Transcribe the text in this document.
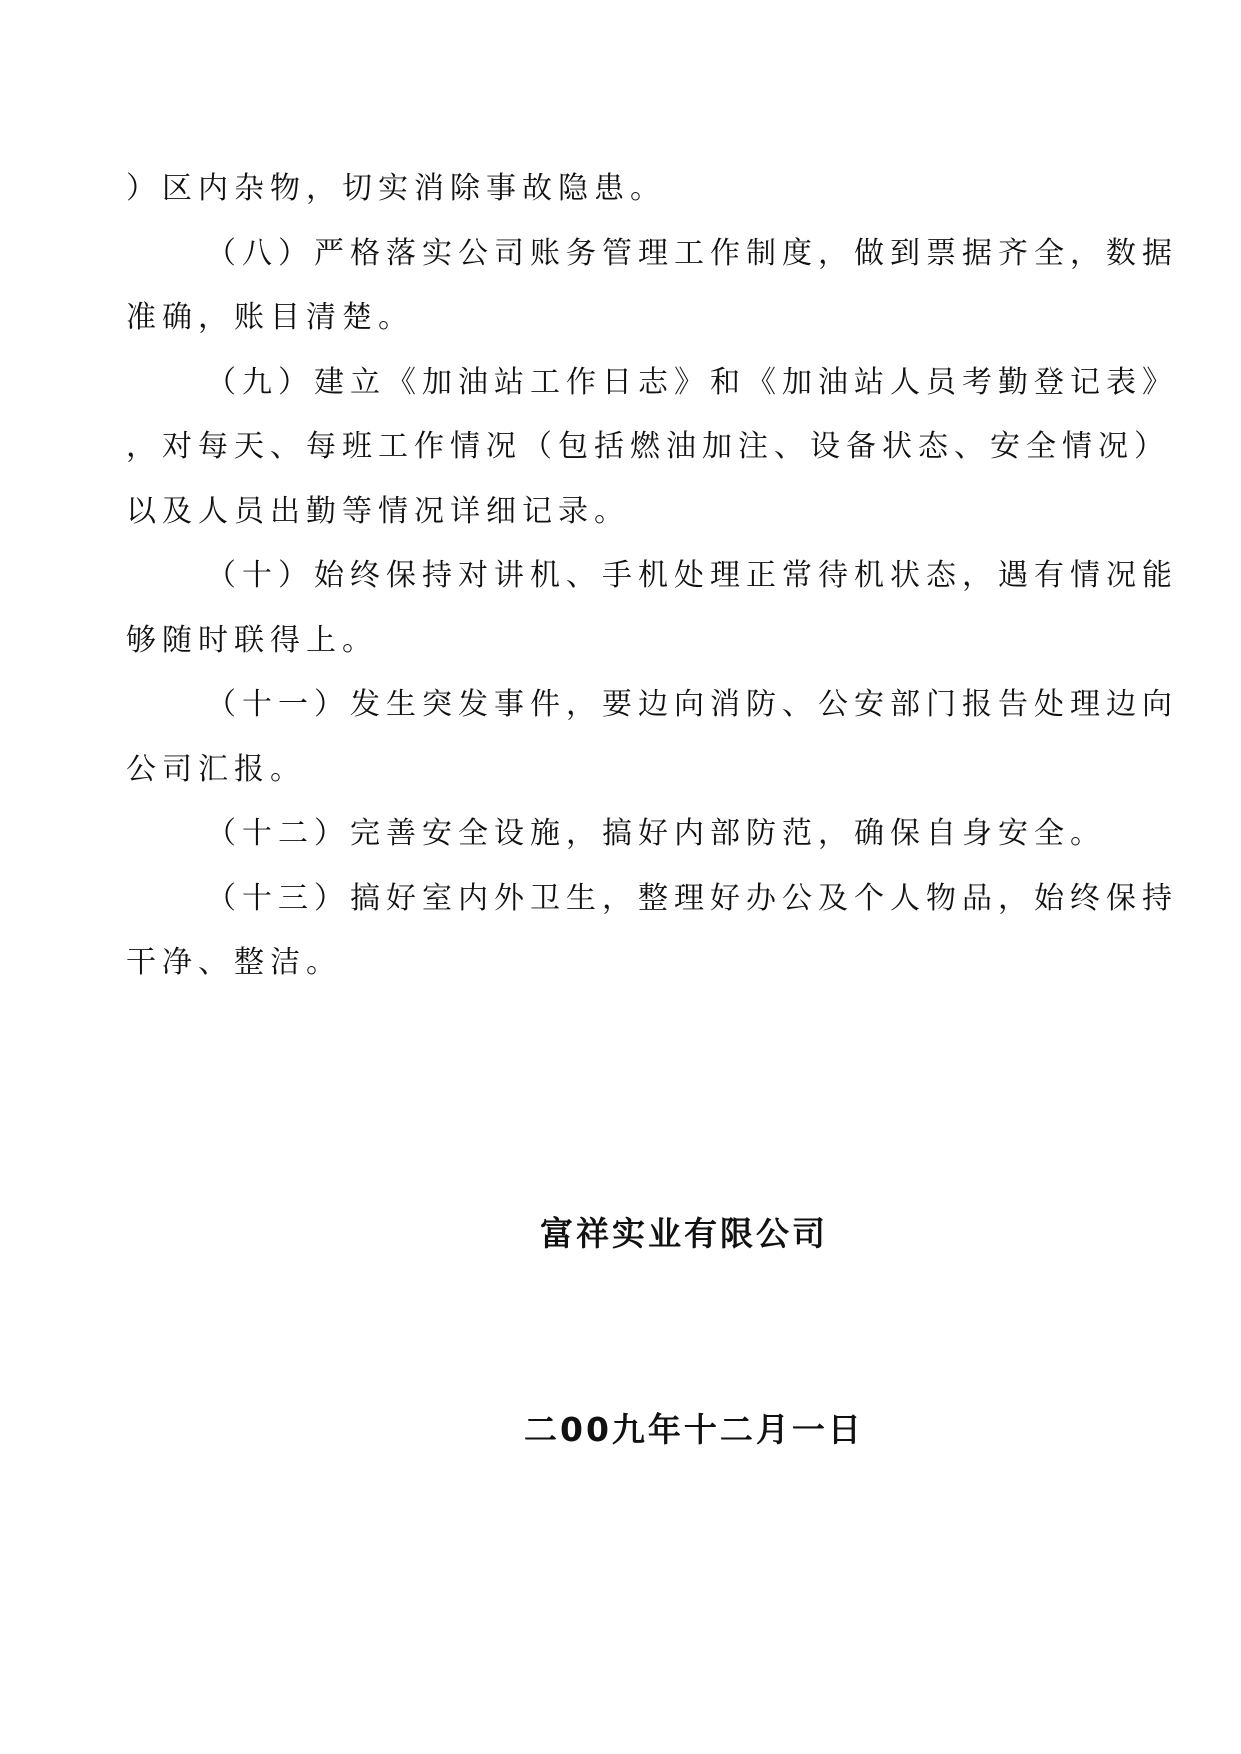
）区内杂物，切实消除事故隐患。
（八）严格落实公司账务管理工作制度，做到票据齐全，数据
准确，账目清楚。
（九）建立《加油站工作日志》和《加油站人员考勤登记表》
，对每天、每班工作情况（包括燃油加注、设备状态、安全情况）
以及人员出勤等情况详细记录。
（十）始终保持对讲机、手机处理正常待机状态，遇有情况能
够随时联得上。
（十一）发生突发事件，要边向消防、公安部门报告处理边向
公司汇报。
（十二）完善安全设施，搞好内部防范，确保自身安全。
（十三）搞好室内外卫生，整理好办公及个人物品，始终保持
干净、整洁。
富祥实业有限公司
二00九年十二月一日
